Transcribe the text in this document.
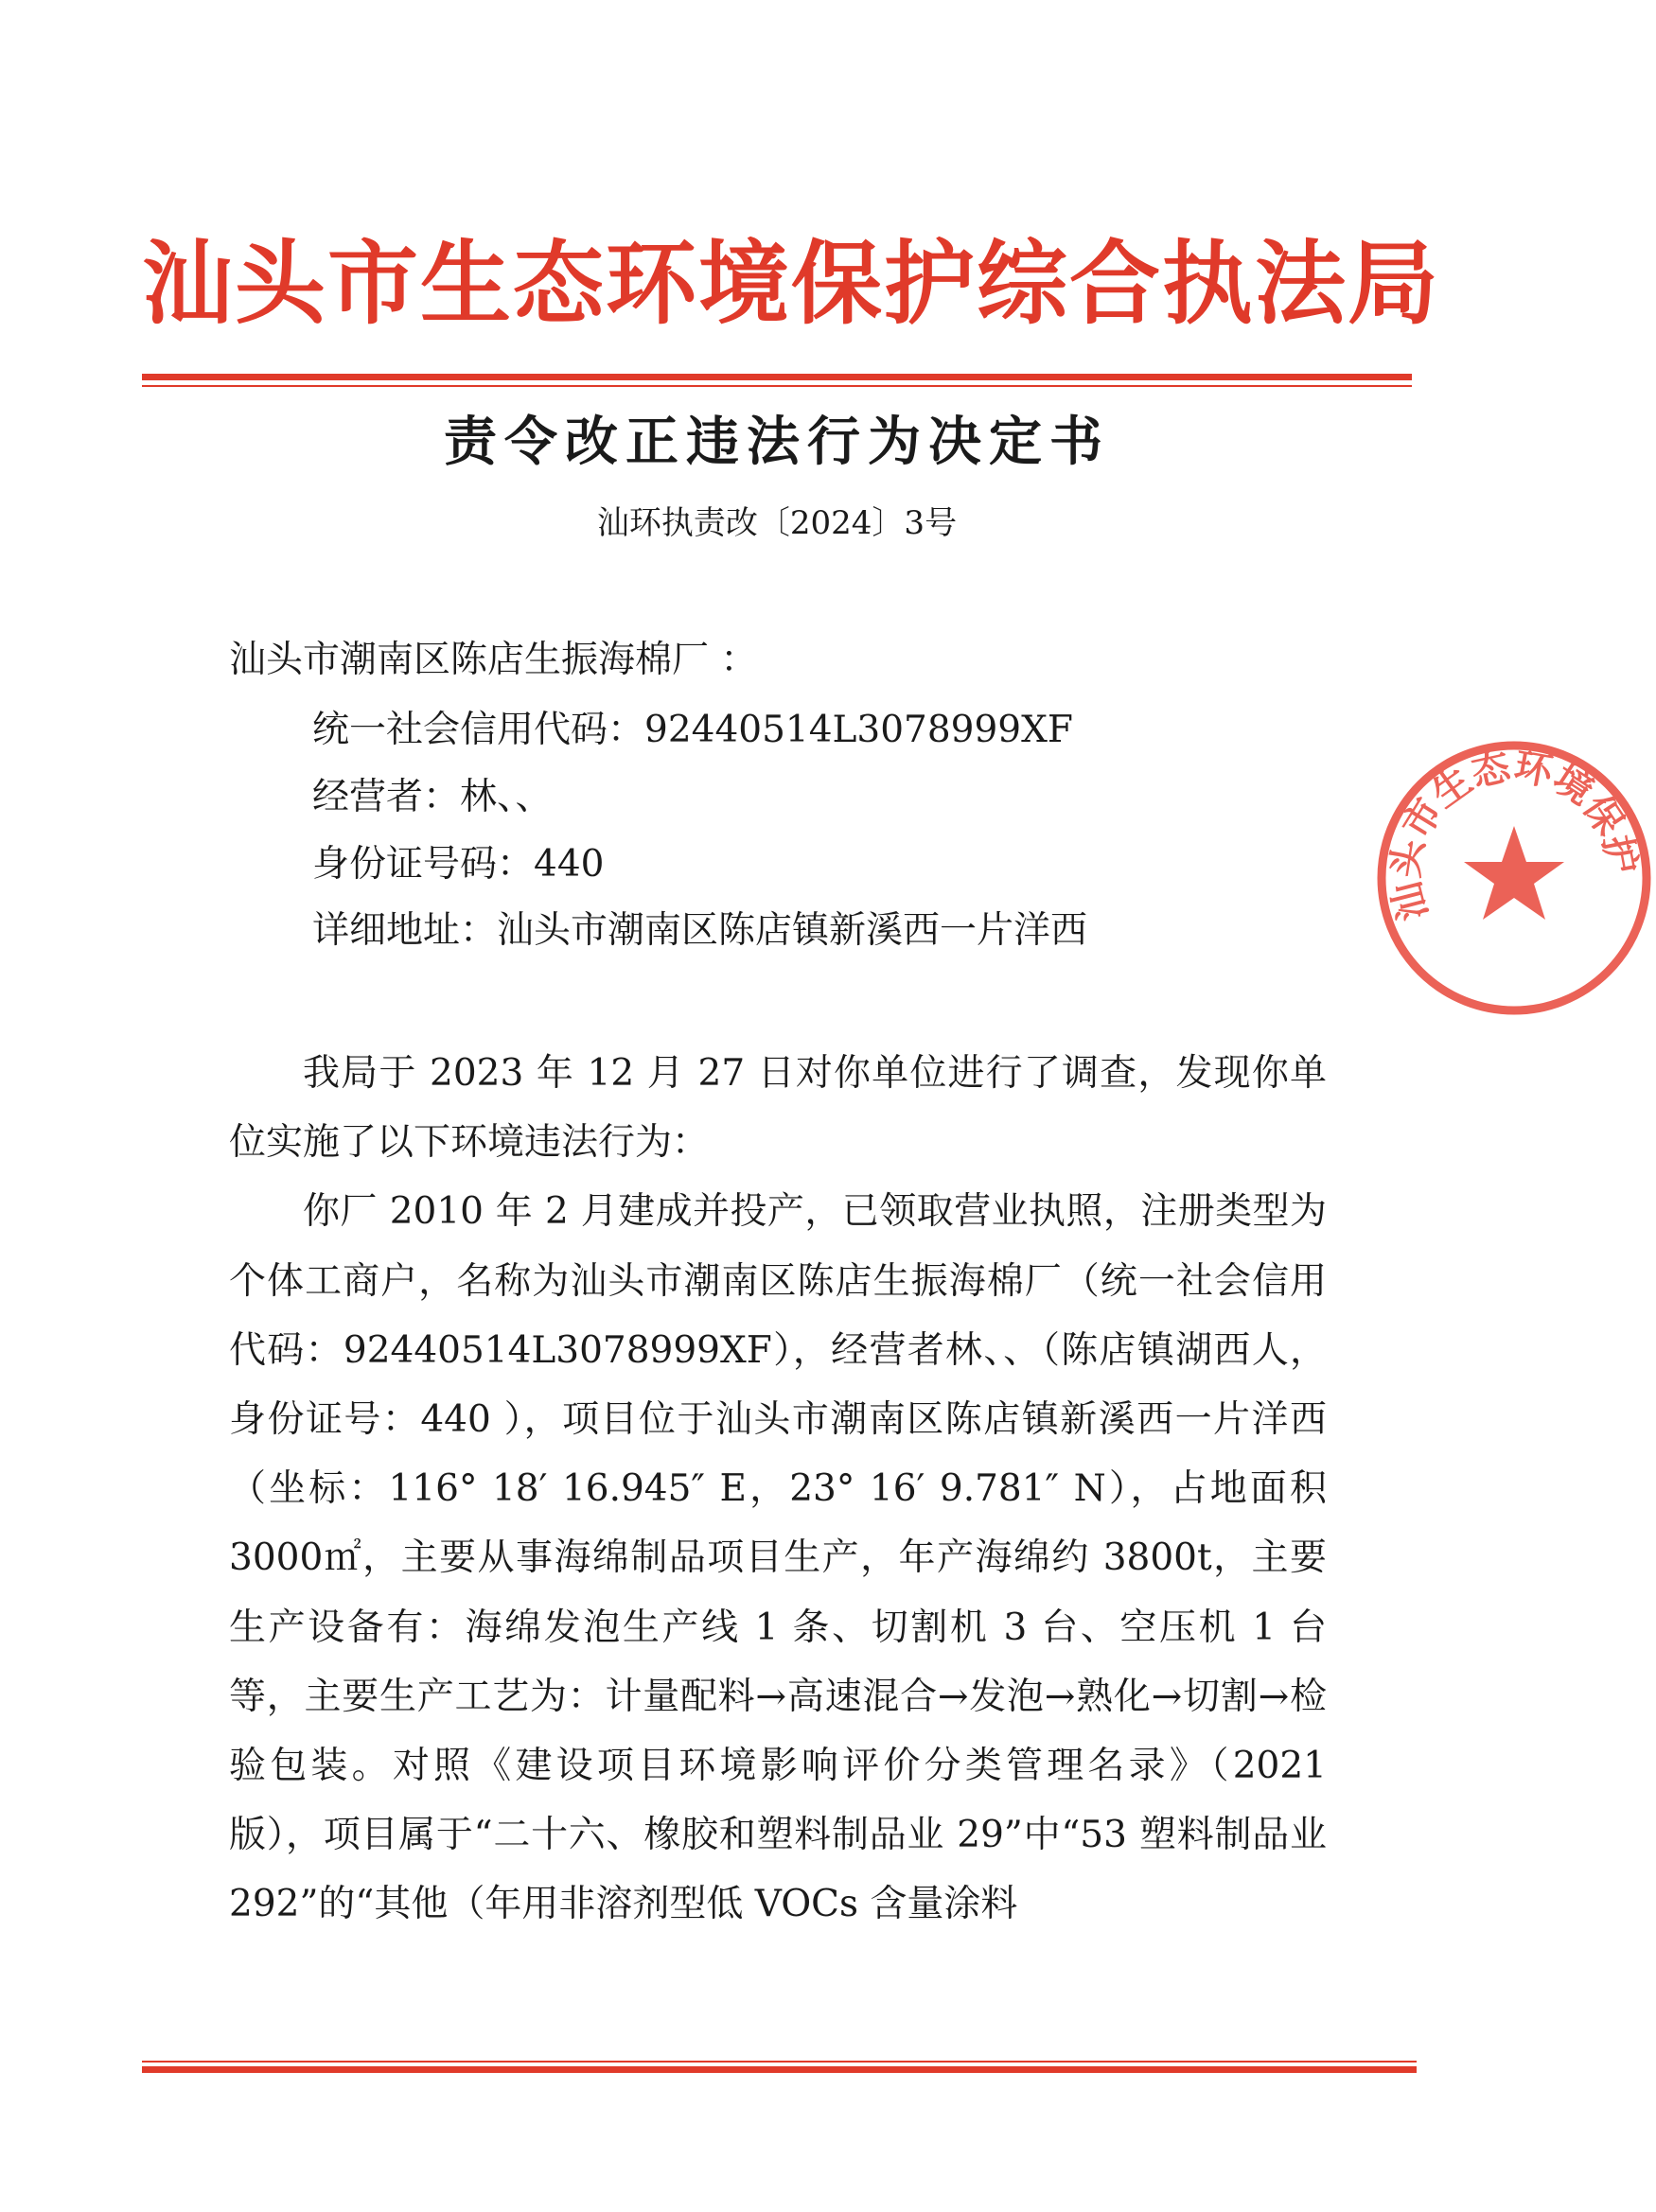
汕头市生态环境保护综合执法局
责令改正违法行为决定书
汕环执责改〔2024〕3号
汕头市潮南区陈店生振海棉厂 ：
统一社会信用代码：92440514L3078999XF
经营者：林、、
身份证号码：440
详细地址：汕头市潮南区陈店镇新溪西一片洋西

我局于 2023 年 12 月 27 日对你单位进行了调查，发现你单位实施了以下环境违法行为：

你厂 2010 年 2 月建成并投产，已领取营业执照，注册类型为个体工商户，名称为汕头市潮南区陈店生振海棉厂（统一社会信用代码：92440514L3078999XF），经营者林、、（陈店镇湖西人，身份证号：440 ），项目位于汕头市潮南区陈店镇新溪西一片洋西（坐标：116° 18′ 16.945″ E，23° 16′ 9.781″ N），占地面积 3000㎡，主要从事海绵制品项目生产，年产海绵约 3800t，主要生产设备有：海绵发泡生产线 1 条、切割机 3 台、空压机 1 台等，主要生产工艺为：计量配料→高速混合→发泡→熟化→切割→检验包装。对照《建设项目环境影响评价分类管理名录》（2021 版），项目属于“二十六、橡胶和塑料制品业 29”中“53 塑料制品业 292”的“其他（年用非溶剂型低 VOCs 含量涂料

汕头市生态环境保护
